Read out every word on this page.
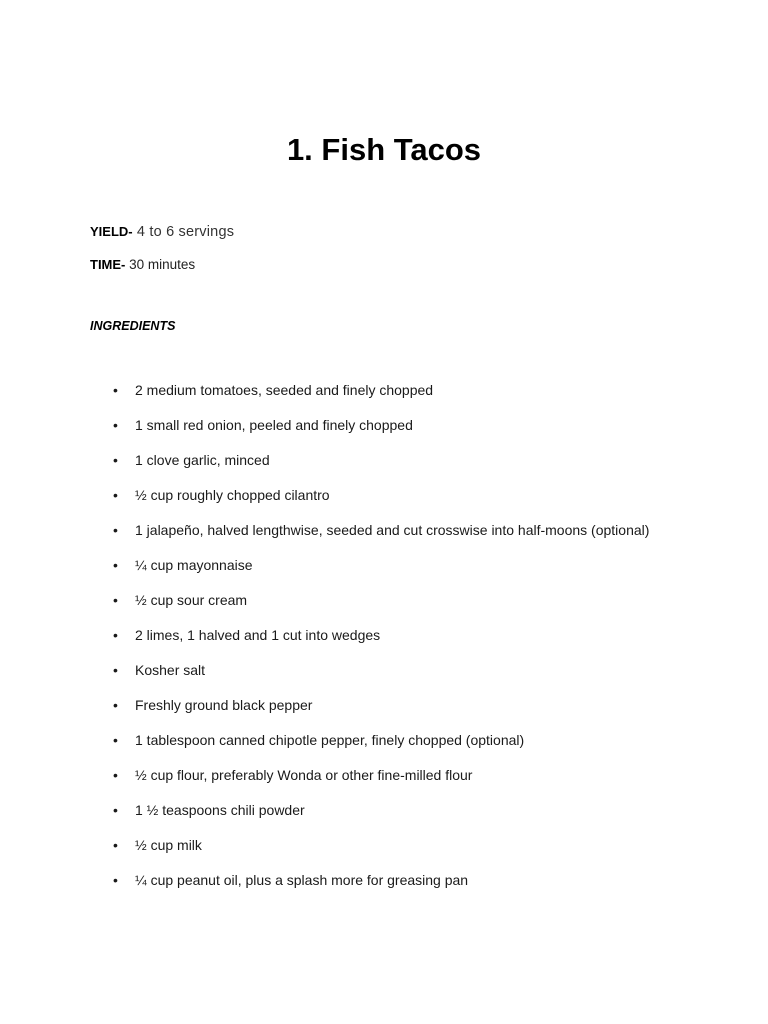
1. Fish Tacos
YIELD- 4 to 6 servings
TIME- 30 minutes
INGREDIENTS
• 2 medium tomatoes, seeded and finely chopped
• 1 small red onion, peeled and finely chopped
• 1 clove garlic, minced
• ½ cup roughly chopped cilantro
• 1 jalapeño, halved lengthwise, seeded and cut crosswise into half-moons (optional)
• ¼ cup mayonnaise
• ½ cup sour cream
• 2 limes, 1 halved and 1 cut into wedges
• Kosher salt
• Freshly ground black pepper
• 1 tablespoon canned chipotle pepper, finely chopped (optional)
• ½ cup flour, preferably Wonda or other fine-milled flour
• 1 ½ teaspoons chili powder
• ½ cup milk
• ¼ cup peanut oil, plus a splash more for greasing pan
